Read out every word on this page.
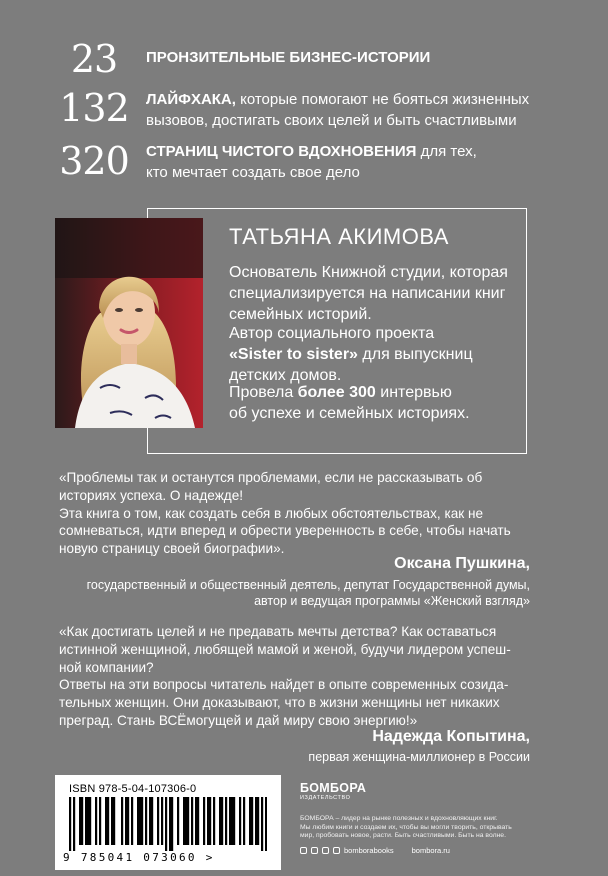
23	ПРОНЗИТЕЛЬНЫЕ БИЗНЕС-ИСТОРИИ
132 ЛАЙФХАКА, которые помогают не бояться жизненных
вызовов, достигать своих целей и быть счастливыми
320 СТРАНИЦ ЧИСТОГО ВДОХНОВЕНИЯ для тех,
кто мечтает создать свое дело
ТАТЬЯНА АКИМОВА
Основатель Книжной студии, которая
специализируется на написании книг
семейных историй.
Автор социального проекта
«Sister to sister» для выпускниц
детских домов.
Провела более 300 интервью
об успехе и семейных историях.
«Проблемы так и останутся проблемами, если не рассказывать об
историях успеха. О надежде!
Эта книга о том, как создать себя в любых обстоятельствах, как не
сомневаться, идти вперед и обрести уверенность в себе, чтобы начать
новую страницу своей биографии».
Оксана Пушкина,
государственный и общественный деятель, депутат Государственной думы,
автор и ведущая программы «Женский взгляд»
«Как достигать целей и не предавать мечты детства? Как оставаться
истинной женщиной, любящей мамой и женой, будучи лидером успеш-
ной компании?
Ответы на эти вопросы читатель найдет в опыте современных созида-
тельных женщин. Они доказывают, что в жизни женщины нет никаких
преград. Стань ВСЁмогущей и дай миру свою энергию!»
Надежда Копытина,
первая женщина-миллионер в России
ISBN 978-5-04-107306-0
9 785041 073060 >
БОМБОРА
ИЗДАТЕЛЬСТВО
БОМБОРА – лидер на рынке полезных и вдохновляющих книг.
Мы любим книги и создаем их, чтобы вы могли творить, открывать
мир, пробовать новое, расти. Быть счастливыми. Быть на волне.
bomborabooks bombora.ru
